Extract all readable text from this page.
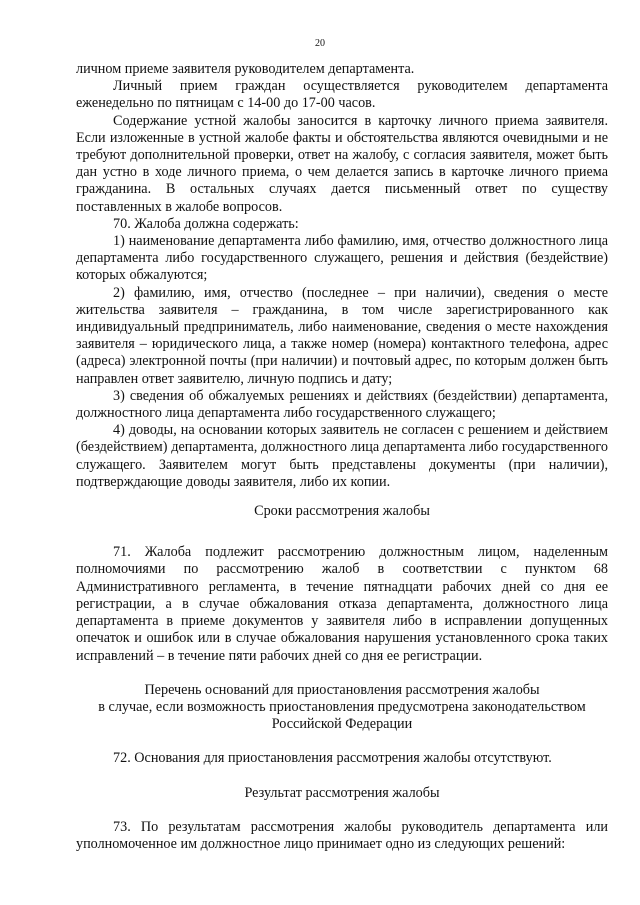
20

личном приеме заявителя руководителем департамента.

Личный прием граждан осуществляется руководителем департамента еженедельно по пятницам с 14-00 до 17-00 часов.

Содержание устной жалобы заносится в карточку личного приема заявителя. Если изложенные в устной жалобе факты и обстоятельства являются очевидными и не требуют дополнительной проверки, ответ на жалобу, с согласия заявителя, может быть дан устно в ходе личного приема, о чем делается запись в карточке личного приема гражданина. В остальных случаях дается письменный ответ по существу поставленных в жалобе вопросов.

70. Жалоба должна содержать:

1) наименование департамента либо фамилию, имя, отчество должностного лица департамента либо государственного служащего, решения и действия (бездействие) которых обжалуются;

2) фамилию, имя, отчество (последнее – при наличии), сведения о месте жительства заявителя – гражданина, в том числе зарегистрированного как индивидуальный предприниматель, либо наименование, сведения о месте нахождения заявителя – юридического лица, а также номер (номера) контактного телефона, адрес (адреса) электронной почты (при наличии) и почтовый адрес, по которым должен быть направлен ответ заявителю, личную подпись и дату;

3) сведения об обжалуемых решениях и действиях (бездействии) департамента, должностного лица департамента либо государственного служащего;

4) доводы, на основании которых заявитель не согласен с решением и действием (бездействием) департамента, должностного лица департамента либо государственного служащего. Заявителем могут быть представлены документы (при наличии), подтверждающие доводы заявителя, либо их копии.

Сроки рассмотрения жалобы

71. Жалоба подлежит рассмотрению должностным лицом, наделенным полномочиями по рассмотрению жалоб в соответствии с пунктом 68 Административного регламента, в течение пятнадцати рабочих дней со дня ее регистрации, а в случае обжалования отказа департамента, должностного лица департамента в приеме документов у заявителя либо в исправлении допущенных опечаток и ошибок или в случае обжалования нарушения установленного срока таких исправлений – в течение пяти рабочих дней со дня ее регистрации.

Перечень оснований для приостановления рассмотрения жалобы
в случае, если возможность приостановления предусмотрена законодательством
Российской Федерации

72. Основания для приостановления рассмотрения жалобы отсутствуют.

Результат рассмотрения жалобы

73. По результатам рассмотрения жалобы руководитель департамента или уполномоченное им должностное лицо принимает одно из следующих решений:
